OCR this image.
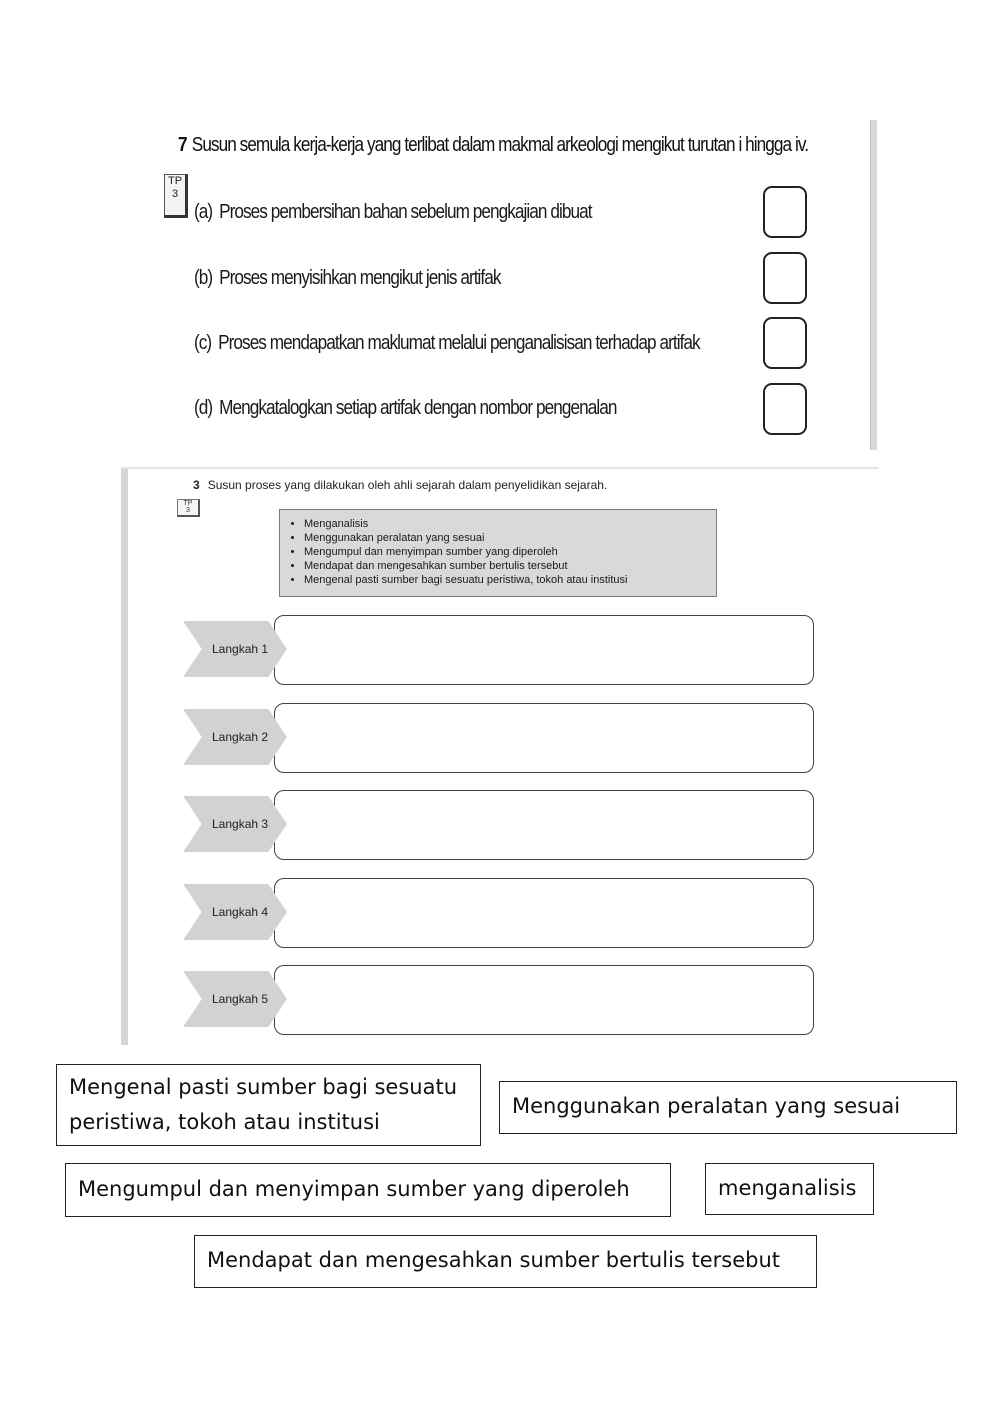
7 Susun semula kerja-kerja yang terlibat dalam makmal arkeologi mengikut turutan i hingga iv.
TP
3
(a) Proses pembersihan bahan sebelum pengkajian dibuat
(b) Proses menyisihkan mengikut jenis artifak
(c) Proses mendapatkan maklumat melalui penganalisisan terhadap artifak
(d) Mengkatalogkan setiap artifak dengan nombor pengenalan
3 Susun proses yang dilakukan oleh ahli sejarah dalam penyelidikan sejarah.
TP
3
• Menganalisis
• Menggunakan peralatan yang sesuai
• Mengumpul dan menyimpan sumber yang diperoleh
• Mendapat dan mengesahkan sumber bertulis tersebut
• Mengenal pasti sumber bagi sesuatu peristiwa, tokoh atau institusi
Langkah 1
Langkah 2
Langkah 3
Langkah 4
Langkah 5
Mengenal pasti sumber bagi sesuatu
peristiwa, tokoh atau institusi
Menggunakan peralatan yang sesuai
Mengumpul dan menyimpan sumber yang diperoleh	menganalisis
Mendapat dan mengesahkan sumber bertulis tersebut
